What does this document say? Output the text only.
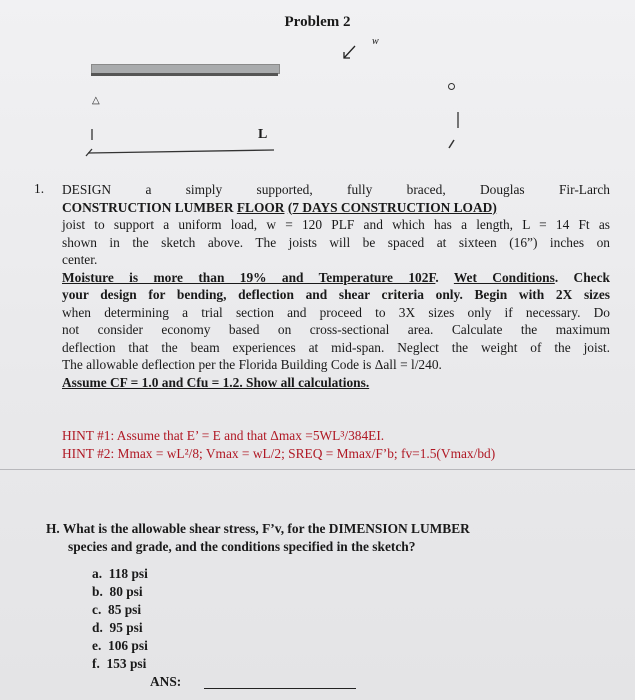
Problem 2
w
△
L
1. DESIGN	a	simply	supported,	fully	braced,	Douglas	Fir-Larch

CONSTRUCTION LUMBER FLOOR (7 DAYS CONSTRUCTION LOAD)

joist to support a uniform load, w = 120 PLF and which has a length, L = 14 Ft as

shown in the sketch above. The joists will be spaced at sixteen (16”) inches on

center.

Moisture is more than 19% and Temperature 102F. Wet Conditions. Check

your design for bending, deflection and shear criteria only. Begin with 2X sizes

when determining a trial section and proceed to 3X sizes only if necessary. Do

not consider economy based on cross-sectional area. Calculate the maximum

deflection that the beam experiences at mid-span. Neglect the weight of the joist.

The allowable deflection per the Florida Building Code is Δall = l/240.

Assume CF = 1.0 and Cfu = 1.2. Show all calculations.

HINT #1: Assume that E’ = E and that Δmax =5WL³/384EI.
HINT #2: Mmax = wL²/8; Vmax = wL/2; SREQ = Mmax/F’b; fv=1.5(Vmax/bd)
H. What is the allowable shear stress, F’v, for the DIMENSION LUMBER
species and grade, and the conditions specified in the sketch?
a. 118 psi
b. 80 psi
c. 85 psi
d. 95 psi
e. 106 psi
f. 153 psi
ANS:
